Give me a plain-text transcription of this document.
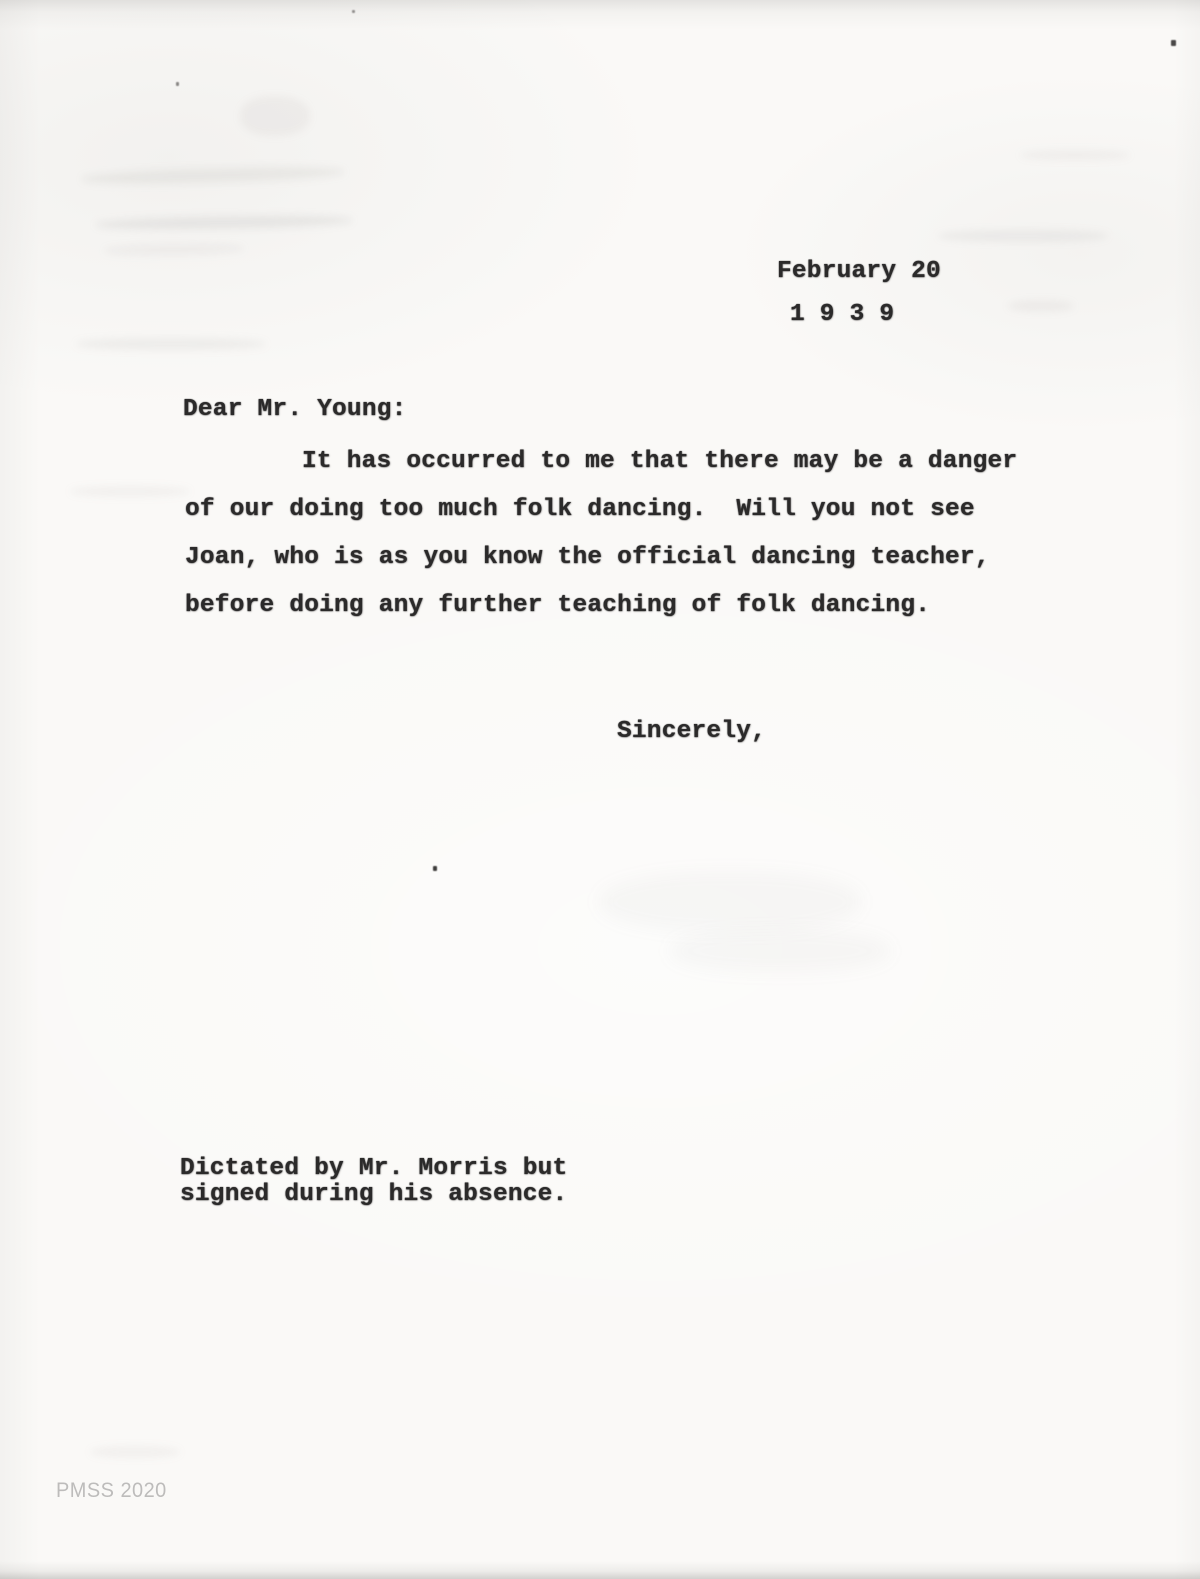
February 20
1 9 3 9
Dear Mr. Young:
It has occurred to me that there may be a danger
of our doing too much folk dancing.  Will you not see
Joan, who is as you know the official dancing teacher,
before doing any further teaching of folk dancing.
Sincerely,
Dictated by Mr. Morris but
signed during his absence.
PMSS 2020
